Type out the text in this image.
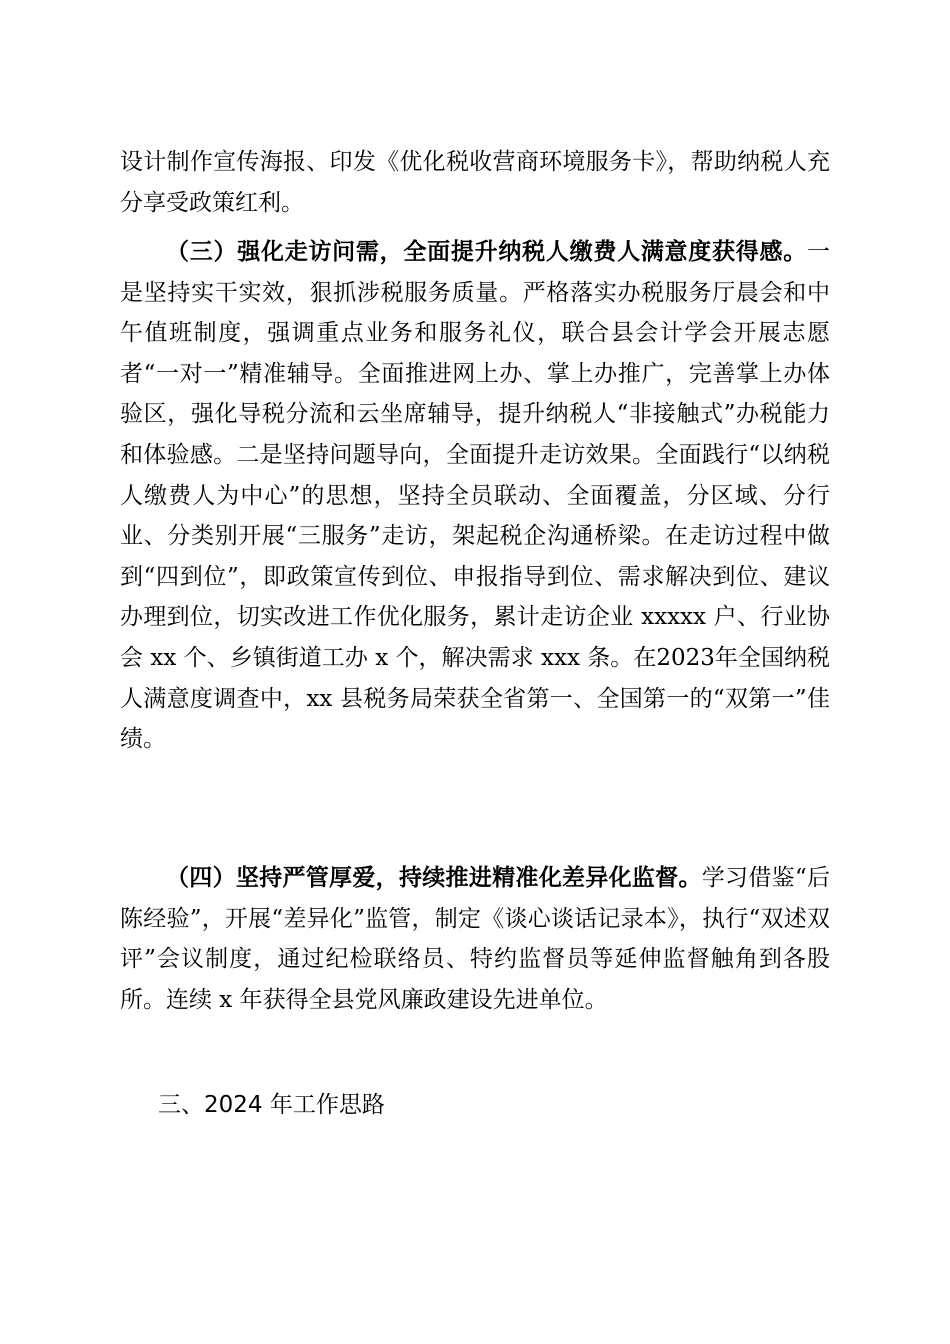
设计制作宣传海报、印发《优化税收营商环境服务卡》，帮助纳税人充分享受政策红利。

（三）强化走访问需，全面提升纳税人缴费人满意度获得感。一是坚持实干实效，狠抓涉税服务质量。严格落实办税服务厅晨会和中午值班制度，强调重点业务和服务礼仪，联合县会计学会开展志愿者“一对一”精准辅导。全面推进网上办、掌上办推广，完善掌上办体验区，强化导税分流和云坐席辅导，提升纳税人“非接触式”办税能力和体验感。二是坚持问题导向，全面提升走访效果。全面践行“以纳税人缴费人为中心”的思想，坚持全员联动、全面覆盖，分区域、分行业、分类别开展“三服务”走访，架起税企沟通桥梁。在走访过程中做到“四到位”，即政策宣传到位、申报指导到位、需求解决到位、建议办理到位，切实改进工作优化服务，累计走访企业 xxxxx 户、行业协会 xx 个、乡镇街道工办 x 个，解决需求 xxx 条。在2023年全国纳税人满意度调查中，xx 县税务局荣获全省第一、全国第一的“双第一”佳绩。

（四）坚持严管厚爱，持续推进精准化差异化监督。学习借鉴“后陈经验”，开展“差异化”监管，制定《谈心谈话记录本》，执行“双述双评”会议制度，通过纪检联络员、特约监督员等延伸监督触角到各股所。连续 x 年获得全县党风廉政建设先进单位。

三、2024 年工作思路
